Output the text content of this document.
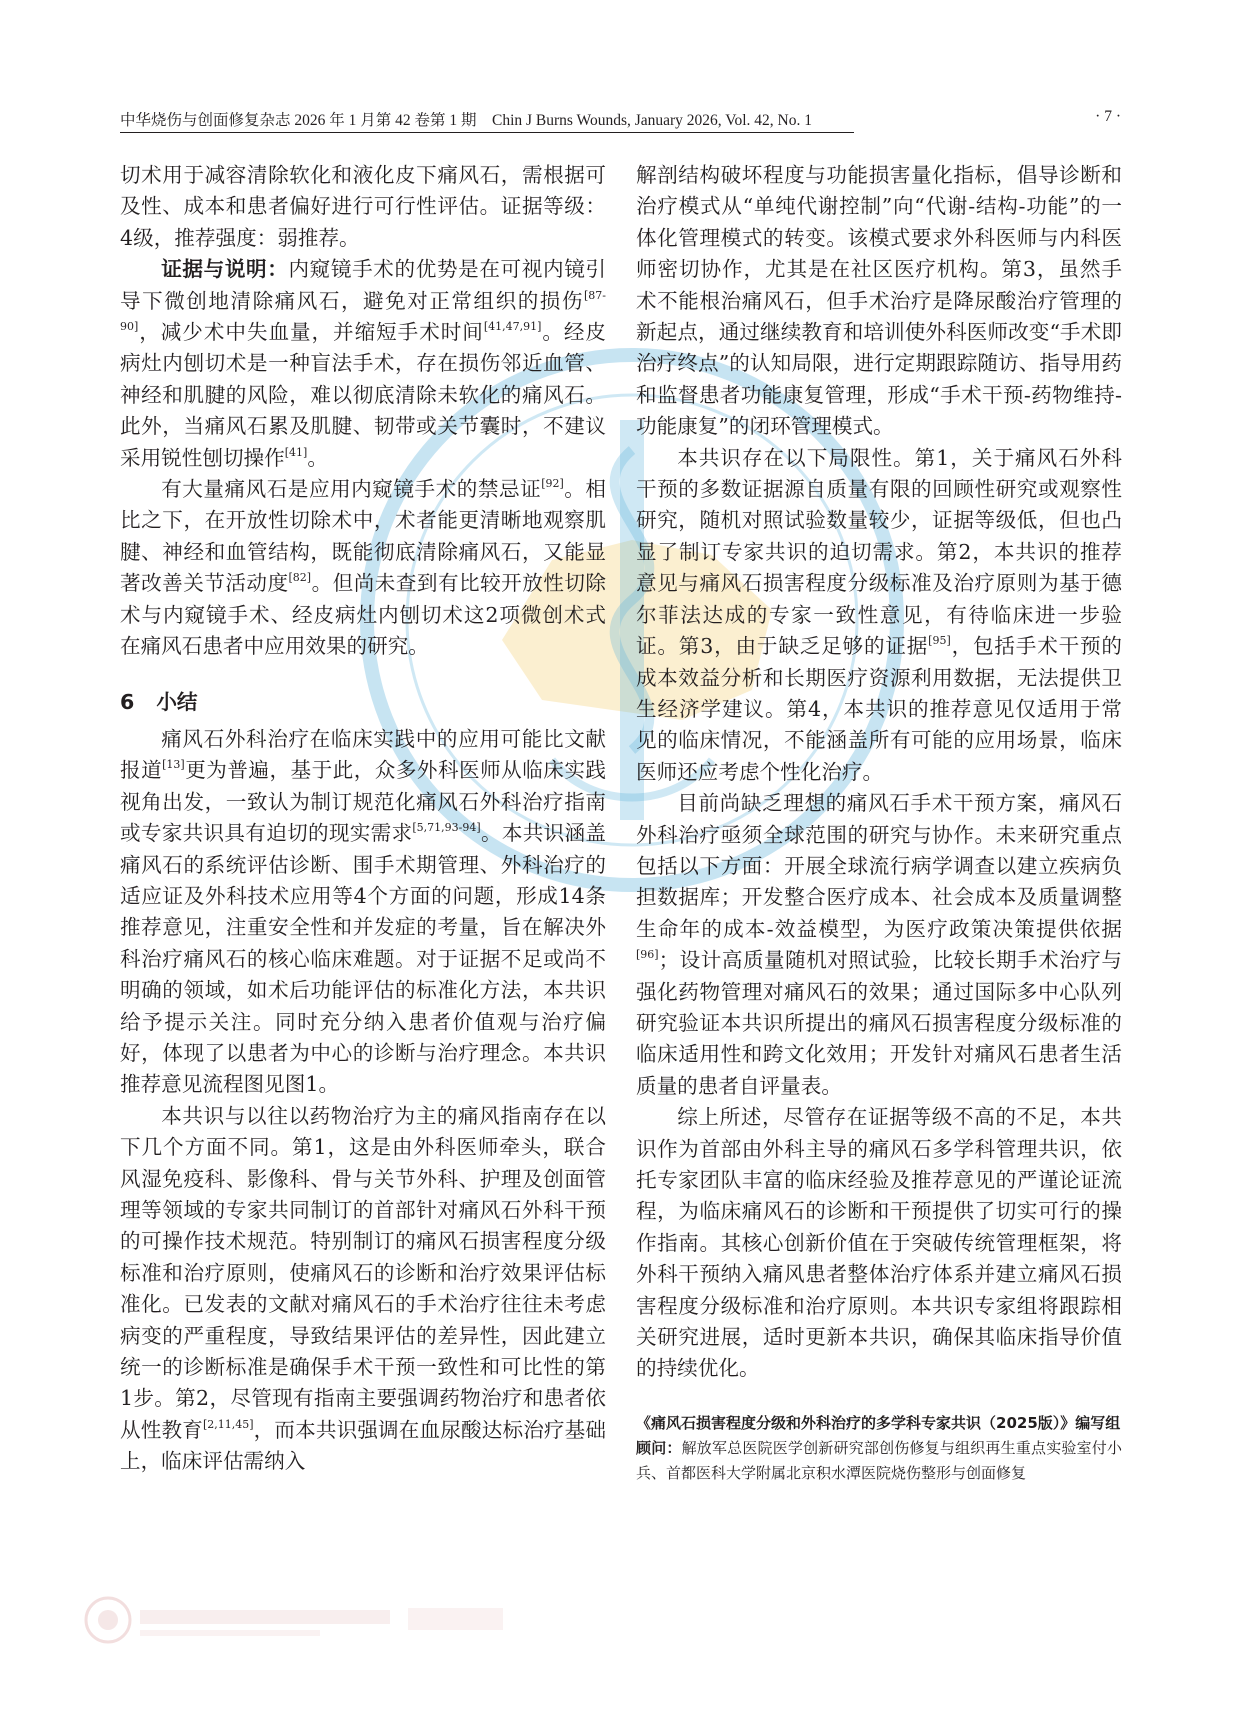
中华烧伤与创面修复杂志 2026 年 1 月第 42 卷第 1 期　Chin J Burns Wounds, January 2026, Vol. 42, No. 1	· 7 ·

切术用于减容清除软化和液化皮下痛风石，需根据可及性、成本和患者偏好进行可行性评估。证据等级：4级，推荐强度：弱推荐。

证据与说明：内窥镜手术的优势是在可视内镜引导下微创地清除痛风石，避免对正常组织的损伤[87-90]，减少术中失血量，并缩短手术时间[41,47,91]。经皮病灶内刨切术是一种盲法手术，存在损伤邻近血管、神经和肌腱的风险，难以彻底清除未软化的痛风石。此外，当痛风石累及肌腱、韧带或关节囊时，不建议采用锐性刨切操作[41]。

有大量痛风石是应用内窥镜手术的禁忌证[92]。相比之下，在开放性切除术中，术者能更清晰地观察肌腱、神经和血管结构，既能彻底清除痛风石，又能显著改善关节活动度[82]。但尚未查到有比较开放性切除术与内窥镜手术、经皮病灶内刨切术这2项微创术式在痛风石患者中应用效果的研究。

6 小结

痛风石外科治疗在临床实践中的应用可能比文献报道[13]更为普遍，基于此，众多外科医师从临床实践视角出发，一致认为制订规范化痛风石外科治疗指南或专家共识具有迫切的现实需求[5,71,93-94]。本共识涵盖痛风石的系统评估诊断、围手术期管理、外科治疗的适应证及外科技术应用等4个方面的问题，形成14条推荐意见，注重安全性和并发症的考量，旨在解决外科治疗痛风石的核心临床难题。对于证据不足或尚不明确的领域，如术后功能评估的标准化方法，本共识给予提示关注。同时充分纳入患者价值观与治疗偏好，体现了以患者为中心的诊断与治疗理念。本共识推荐意见流程图见图1。

本共识与以往以药物治疗为主的痛风指南存在以下几个方面不同。第1，这是由外科医师牵头，联合风湿免疫科、影像科、骨与关节外科、护理及创面管理等领域的专家共同制订的首部针对痛风石外科干预的可操作技术规范。特别制订的痛风石损害程度分级标准和治疗原则，使痛风石的诊断和治疗效果评估标准化。已发表的文献对痛风石的手术治疗往往未考虑病变的严重程度，导致结果评估的差异性，因此建立统一的诊断标准是确保手术干预一致性和可比性的第1步。第2，尽管现有指南主要强调药物治疗和患者依从性教育[2,11,45]，而本共识强调在血尿酸达标治疗基础上，临床评估需纳入

解剖结构破坏程度与功能损害量化指标，倡导诊断和治疗模式从“单纯代谢控制”向“代谢-结构-功能”的一体化管理模式的转变。该模式要求外科医师与内科医师密切协作，尤其是在社区医疗机构。第3，虽然手术不能根治痛风石，但手术治疗是降尿酸治疗管理的新起点，通过继续教育和培训使外科医师改变“手术即治疗终点”的认知局限，进行定期跟踪随访、指导用药和监督患者功能康复管理，形成“手术干预-药物维持-功能康复”的闭环管理模式。

本共识存在以下局限性。第1，关于痛风石外科干预的多数证据源自质量有限的回顾性研究或观察性研究，随机对照试验数量较少，证据等级低，但也凸显了制订专家共识的迫切需求。第2，本共识的推荐意见与痛风石损害程度分级标准及治疗原则为基于德尔菲法达成的专家一致性意见，有待临床进一步验证。第3，由于缺乏足够的证据[95]，包括手术干预的成本效益分析和长期医疗资源利用数据，无法提供卫生经济学建议。第4，本共识的推荐意见仅适用于常见的临床情况，不能涵盖所有可能的应用场景，临床医师还应考虑个性化治疗。

目前尚缺乏理想的痛风石手术干预方案，痛风石外科治疗亟须全球范围的研究与协作。未来研究重点包括以下方面：开展全球流行病学调查以建立疾病负担数据库；开发整合医疗成本、社会成本及质量调整生命年的成本-效益模型，为医疗政策决策提供依据[96]；设计高质量随机对照试验，比较长期手术治疗与强化药物管理对痛风石的效果；通过国际多中心队列研究验证本共识所提出的痛风石损害程度分级标准的临床适用性和跨文化效用；开发针对痛风石患者生活质量的患者自评量表。

综上所述，尽管存在证据等级不高的不足，本共识作为首部由外科主导的痛风石多学科管理共识，依托专家团队丰富的临床经验及推荐意见的严谨论证流程，为临床痛风石的诊断和干预提供了切实可行的操作指南。其核心创新价值在于突破传统管理框架，将外科干预纳入痛风患者整体治疗体系并建立痛风石损害程度分级标准和治疗原则。本共识专家组将跟踪相关研究进展，适时更新本共识，确保其临床指导价值的持续优化。

《痛风石损害程度分级和外科治疗的多学科专家共识（2025版）》编写组

顾问：解放军总医院医学创新研究部创伤修复与组织再生重点实验室付小兵、首都医科大学附属北京积水潭医院烧伤整形与创面修复
